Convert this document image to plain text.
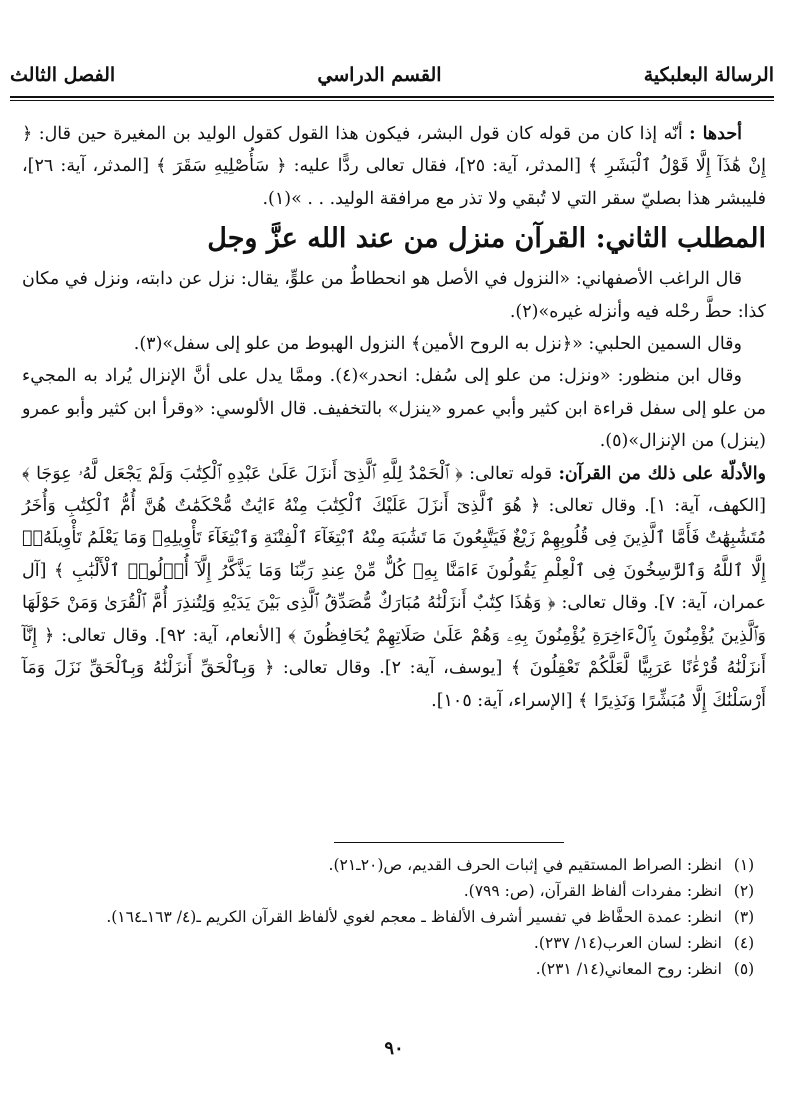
الرسالة البعلبكية
القسم الدراسي
الفصل الثالث

أحدها : أنّه إذا كان من قوله كان قول البشر، فيكون هذا القول كقول الوليد بن المغيرة حين قال: ﴿ إِنْ هَٰذَآ إِلَّا قَوْلُ ٱلْبَشَرِ ﴾ [المدثر، آية: ٢٥]، فقال تعالى ردًّا عليه: ﴿ سَأُصْلِيهِ سَقَرَ ﴾ [المدثر، آية: ٢٦]، فليبشر هذا بصليّ سقر التي لا تُبقي ولا تذر مع مرافقة الوليد. . . »(١).

المطلب الثاني: القرآن منزل من عند الله عزَّ وجل

قال الراغب الأصفهاني: «النزول في الأصل هو انحطاطٌ من علوٍّ، يقال: نزل عن دابته، ونزل في مكان كذا: حطَّ رحْله فيه وأنزله غيره»(٢).

وقال السمين الحلبي: «﴿نزل به الروح الأمين﴾ النزول الهبوط من علو إلى سفل»(٣).

وقال ابن منظور: «ونزل: من علو إلى سُفل: انحدر»(٤). وممَّا يدل على أنَّ الإنزال يُراد به المجيء من علو إلى سفل قراءة ابن كثير وأبي عمرو «ينزل» بالتخفيف. قال الألوسي: «وقرأ ابن كثير وأبو عمرو (ينزل) من الإنزال»(٥).

والأدلّة على ذلك من القرآن: قوله تعالى: ﴿ ٱلْحَمْدُ لِلَّهِ ٱلَّذِىٓ أَنزَلَ عَلَىٰ عَبْدِهِ ٱلْكِتَٰبَ وَلَمْ يَجْعَل لَّهُۥ عِوَجَا ﴾ [الكهف، آية: ١]. وقال تعالى: ﴿ هُوَ ٱلَّذِىٓ أَنزَلَ عَلَيْكَ ٱلْكِتَٰبَ مِنْهُ ءَايَٰتٌ مُّحْكَمَٰتٌ هُنَّ أُمُّ ٱلْكِتَٰبِ وَأُخَرُ مُتَشَٰبِهَٰتٌ فَأَمَّا ٱلَّذِينَ فِى قُلُوبِهِمْ زَيْغٌ فَيَتَّبِعُونَ مَا تَشَٰبَهَ مِنْهُ ٱبْتِغَآءَ ٱلْفِتْنَةِ وَٱبْتِغَآءَ تَأْوِيلِهِۦ وَمَا يَعْلَمُ تَأْوِيلَهُۥٓ إِلَّا ٱللَّهُ وَٱلرَّٰسِخُونَ فِى ٱلْعِلْمِ يَقُولُونَ ءَامَنَّا بِهِۦ كُلٌّ مِّنْ عِندِ رَبِّنَا وَمَا يَذَّكَّرُ إِلَّآ أُو۟لُوا۟ ٱلْأَلْبَٰبِ ﴾ [آل عمران، آية: ٧]. وقال تعالى: ﴿ وَهَٰذَا كِتَٰبٌ أَنزَلْنَٰهُ مُبَارَكٌ مُّصَدِّقُ ٱلَّذِى بَيْنَ يَدَيْهِ وَلِتُنذِرَ أُمَّ ٱلْقُرَىٰ وَمَنْ حَوْلَهَا وَٱلَّذِينَ يُؤْمِنُونَ بِٱلْءَاخِرَةِ يُؤْمِنُونَ بِهِۦ وَهُمْ عَلَىٰ صَلَاتِهِمْ يُحَافِظُونَ ﴾ [الأنعام، آية: ٩٢]. وقال تعالى: ﴿ إِنَّآ أَنزَلْنَٰهُ قُرْءَٰنًا عَرَبِيًّا لَّعَلَّكُمْ تَعْقِلُونَ ﴾ [يوسف، آية: ٢]. وقال تعالى: ﴿ وَبِٱلْحَقِّ أَنزَلْنَٰهُ وَبِٱلْحَقِّ نَزَلَ وَمَآ أَرْسَلْنَٰكَ إِلَّا مُبَشِّرًا وَنَذِيرًا ﴾ [الإسراء، آية: ١٠٥].

(١)
انظر: الصراط المستقيم في إثبات الحرف القديم، ص(٢٠ـ٢١).
(٢)
انظر: مفردات ألفاظ القرآن، (ص: ٧٩٩).
(٣)
انظر: عمدة الحفَّاظ في تفسير أشرف الألفاظ ـ معجم لغوي لألفاظ القرآن الكريم ـ(٤/ ١٦٣ـ١٦٤).
(٤)
انظر: لسان العرب(١٤/ ٢٣٧).
(٥)
انظر: روح المعاني(١٤/ ٢٣١).
٩٠
